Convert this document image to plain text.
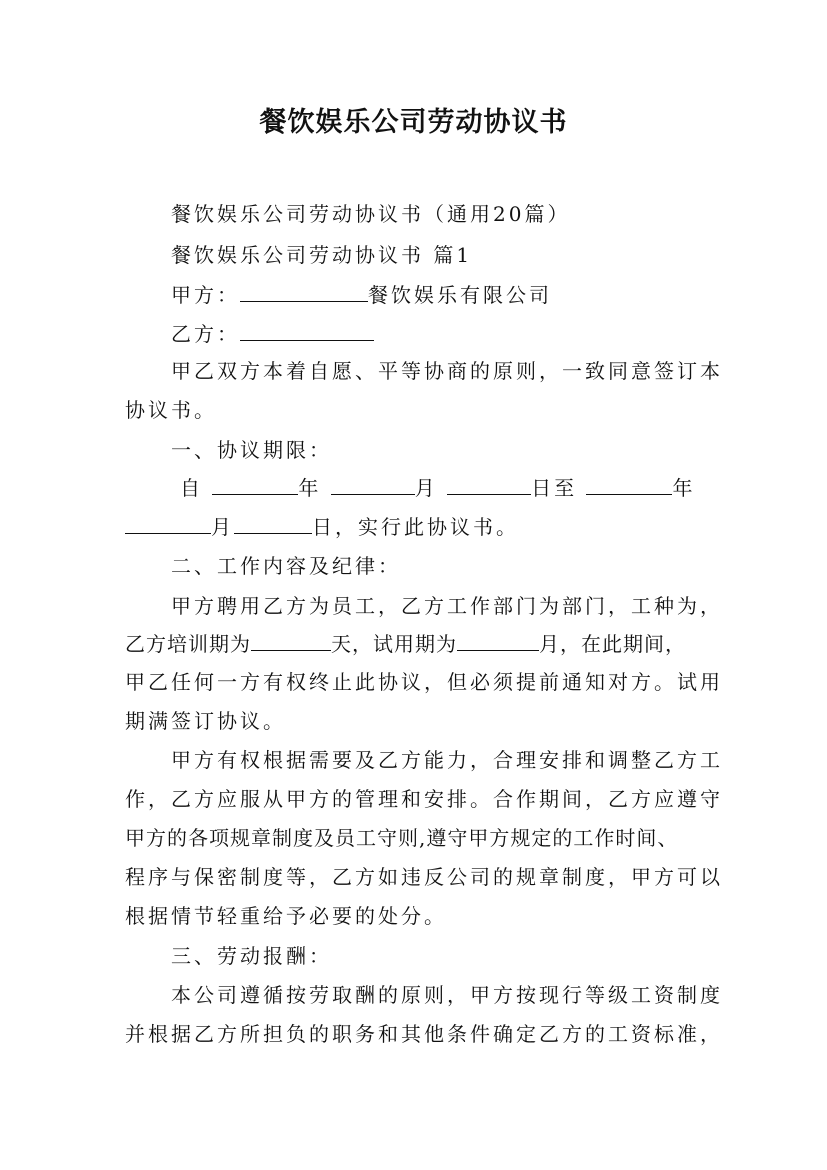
餐饮娱乐公司劳动协议书

餐饮娱乐公司劳动协议书（通用20篇）

餐饮娱乐公司劳动协议书 篇1

甲方：	餐饮娱乐有限公司

乙方：

甲乙双方本着自愿、平等协商的原则，一致同意签订本

协议书。

一、协议期限：

自	年	月	日至	年

月	日，实行此协议书。

二、工作内容及纪律：

甲方聘用乙方为员工，乙方工作部门为部门，工种为，

乙方培训期为	天，试用期为	月，在此期间，

甲乙任何一方有权终止此协议，但必须提前通知对方。试用

期满签订协议。

甲方有权根据需要及乙方能力，合理安排和调整乙方工

作，乙方应服从甲方的管理和安排。合作期间，乙方应遵守

甲方的各项规章制度及员工守则,遵守甲方规定的工作时间、

程序与保密制度等，乙方如违反公司的规章制度，甲方可以

根据情节轻重给予必要的处分。

三、劳动报酬：

本公司遵循按劳取酬的原则，甲方按现行等级工资制度

并根据乙方所担负的职务和其他条件确定乙方的工资标准，
